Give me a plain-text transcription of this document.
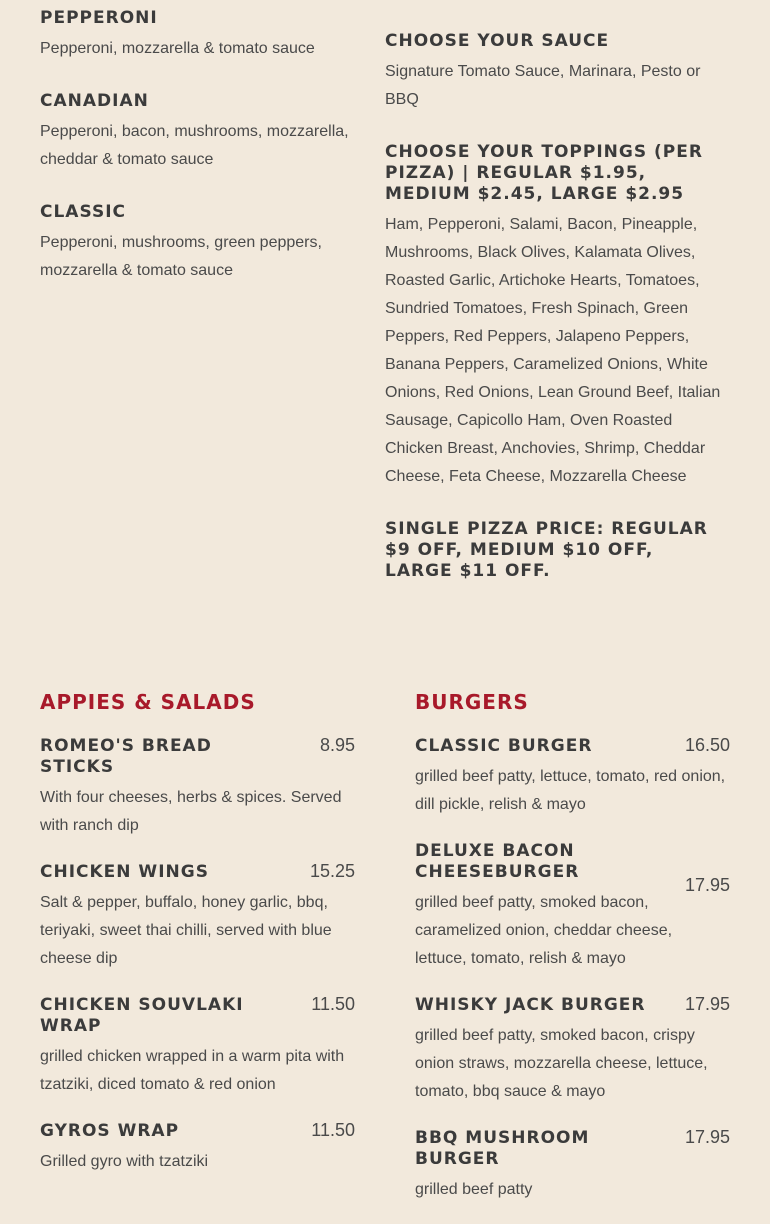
PEPPERONI

Pepperoni, mozzarella & tomato sauce

CANADIAN

Pepperoni, bacon, mushrooms, mozzarella, cheddar & tomato sauce

CLASSIC

Pepperoni, mushrooms, green peppers, mozzarella & tomato sauce

CHOOSE YOUR SAUCE

Signature Tomato Sauce, Marinara, Pesto or BBQ

CHOOSE YOUR TOPPINGS (PER PIZZA) | REGULAR $1.95, MEDIUM $2.45, LARGE $2.95

Ham, Pepperoni, Salami, Bacon, Pineapple, Mushrooms, Black Olives, Kalamata Olives, Roasted Garlic, Artichoke Hearts, Tomatoes, Sundried Tomatoes, Fresh Spinach, Green Peppers, Red Peppers, Jalapeno Peppers, Banana Peppers, Caramelized Onions, White Onions, Red Onions, Lean Ground Beef, Italian Sausage, Capicollo Ham, Oven Roasted Chicken Breast, Anchovies, Shrimp, Cheddar Cheese, Feta Cheese, Mozzarella Cheese

SINGLE PIZZA PRICE: REGULAR $9 OFF, MEDIUM $10 OFF, LARGE $11 OFF.
APPIES & SALADS
ROMEO'S BREAD STICKS
8.95

With four cheeses, herbs & spices. Served with ranch dip

CHICKEN WINGS	15.25

Salt & pepper, buffalo, honey garlic, bbq, teriyaki, sweet thai chilli, served with blue cheese dip

CHICKEN SOUVLAKI WRAP
11.50

grilled chicken wrapped in a warm pita with tzatziki, diced tomato & red onion

GYROS WRAP	11.50

Grilled gyro with tzatziki

BURGERS
CLASSIC BURGER	16.50

grilled beef patty, lettuce, tomato, red onion, dill pickle, relish & mayo

DELUXE BACON CHEESEBURGER
17.95

grilled beef patty, smoked bacon, caramelized onion, cheddar cheese, lettuce, tomato, relish & mayo

WHISKY JACK BURGER	17.95

grilled beef patty, smoked bacon, crispy onion straws, mozzarella cheese, lettuce, tomato, bbq sauce & mayo

BBQ MUSHROOM BURGER
17.95

grilled beef patty
